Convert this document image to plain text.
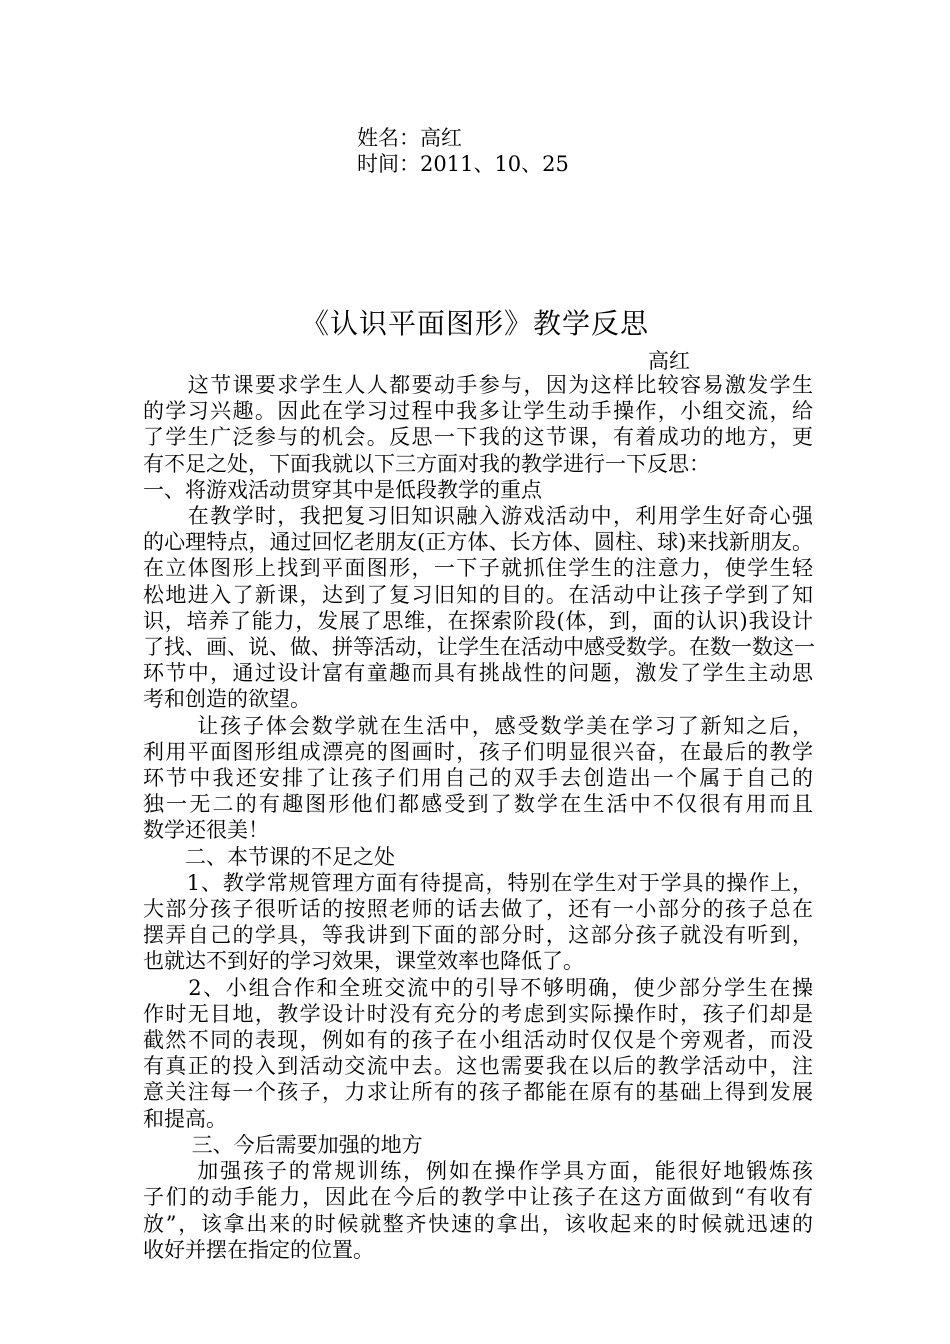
姓名：高红
时间：2011、10、25
《认识平面图形》教学反思
高红
　　这节课要求学生人人都要动手参与，因为这样比较容易激发学生
的学习兴趣。因此在学习过程中我多让学生动手操作，小组交流，给
了学生广泛参与的机会。反思一下我的这节课，有着成功的地方，更
有不足之处，下面我就以下三方面对我的教学进行一下反思：
一、将游戏活动贯穿其中是低段教学的重点
　　在教学时，我把复习旧知识融入游戏活动中，利用学生好奇心强
的心理特点，通过回忆老朋友(正方体、长方体、圆柱、球)来找新朋友。
在立体图形上找到平面图形，一下子就抓住学生的注意力，使学生轻
松地进入了新课，达到了复习旧知的目的。在活动中让孩子学到了知
识，培养了能力，发展了思维，在探索阶段(体，到，面的认识)我设计
了找、画、说、做、拼等活动，让学生在活动中感受数学。在数一数这一
环节中，通过设计富有童趣而具有挑战性的问题，激发了学生主动思
考和创造的欲望。
　　 让孩子体会数学就在生活中，感受数学美在学习了新知之后，
利用平面图形组成漂亮的图画时，孩子们明显很兴奋，在最后的教学
环节中我还安排了让孩子们用自己的双手去创造出一个属于自己的
独一无二的有趣图形他们都感受到了数学在生活中不仅很有用而且
数学还很美！
　　二、本节课的不足之处
　　1、教学常规管理方面有待提高，特别在学生对于学具的操作上，
大部分孩子很听话的按照老师的话去做了，还有一小部分的孩子总在
摆弄自己的学具，等我讲到下面的部分时，这部分孩子就没有听到，
也就达不到好的学习效果，课堂效率也降低了。
　　2、小组合作和全班交流中的引导不够明确，使少部分学生在操
作时无目地，教学设计时没有充分的考虑到实际操作时，孩子们却是
截然不同的表现，例如有的孩子在小组活动时仅仅是个旁观者，而没
有真正的投入到活动交流中去。这也需要我在以后的教学活动中，注
意关注每一个孩子，力求让所有的孩子都能在原有的基础上得到发展
和提高。
　　 三、今后需要加强的地方
　　 加强孩子的常规训练，例如在操作学具方面，能很好地锻炼孩
子们的动手能力，因此在今后的教学中让孩子在这方面做到“有收有
放”，该拿出来的时候就整齐快速的拿出，该收起来的时候就迅速的
收好并摆在指定的位置。
